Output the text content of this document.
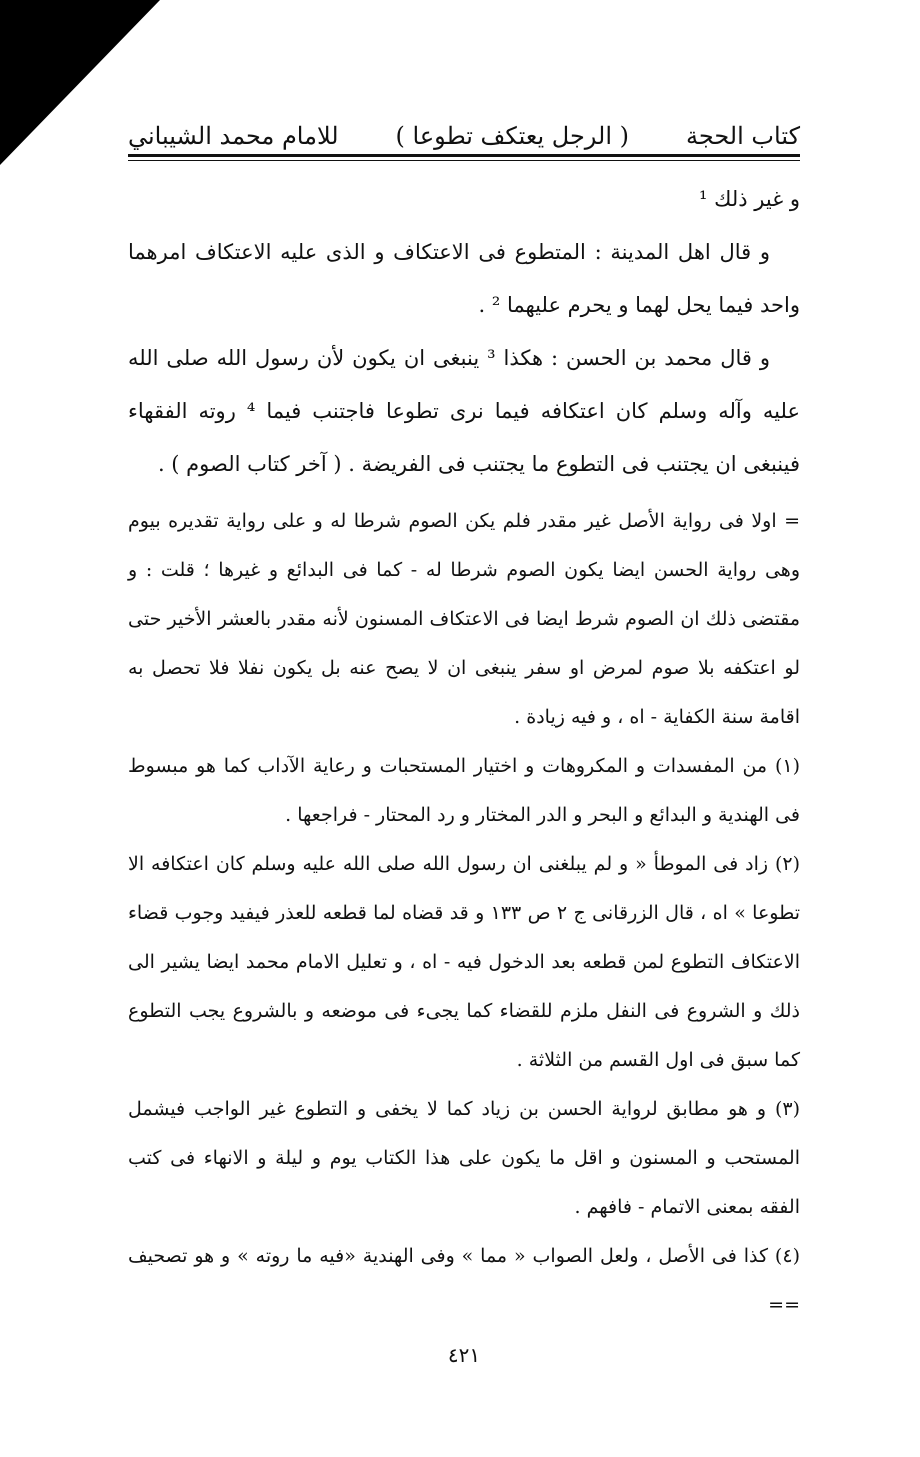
للامام محمد الشيباني ( الرجل يعتكف تطوعا ) كتاب الحجة

و غير ذلك ¹

و قال اهل المدينة : المتطوع فى الاعتكاف و الذى عليه الاعتكاف امرهما واحد فيما يحل لهما و يحرم عليهما ² .

و قال محمد بن الحسن : هكذا ³ ينبغى ان يكون لأن رسول الله صلى الله عليه وآله وسلم كان اعتكافه فيما نرى تطوعا فاجتنب فيما ⁴ روته الفقهاء فينبغى ان يجتنب فى التطوع ما يجتنب فى الفريضة . ( آخر كتاب الصوم ) .

= اولا فى رواية الأصل غير مقدر فلم يكن الصوم شرطا له و على رواية تقديره بيوم وهى رواية الحسن ايضا يكون الصوم شرطا له - كما فى البدائع و غيرها ؛ قلت : و مقتضى ذلك ان الصوم شرط ايضا فى الاعتكاف المسنون لأنه مقدر بالعشر الأخير حتى لو اعتكفه بلا صوم لمرض او سفر ينبغى ان لا يصح عنه بل يكون نفلا فلا تحصل به اقامة سنة الكفاية - اه ، و فيه زيادة .

(١) من المفسدات و المكروهات و اختيار المستحبات و رعاية الآداب كما هو مبسوط فى الهندية و البدائع و البحر و الدر المختار و رد المحتار - فراجعها .

(٢) زاد فى الموطأ « و لم يبلغنى ان رسول الله صلى الله عليه وسلم كان اعتكافه الا تطوعا » اه ، قال الزرقانى ج ٢ ص ١٣٣ و قد قضاه لما قطعه للعذر فيفيد وجوب قضاء الاعتكاف التطوع لمن قطعه بعد الدخول فيه - اه ، و تعليل الامام محمد ايضا يشير الى ذلك و الشروع فى النفل ملزم للقضاء كما يجىء فى موضعه و بالشروع يجب التطوع كما سبق فى اول القسم من الثلاثة .

(٣) و هو مطابق لرواية الحسن بن زياد كما لا يخفى و التطوع غير الواجب فيشمل المستحب و المسنون و اقل ما يكون على هذا الكتاب يوم و ليلة و الانهاء فى كتب الفقه بمعنى الاتمام - فافهم .

(٤) كذا فى الأصل ، ولعل الصواب « مما » وفى الهندية «فيه ما روته » و هو تصحيف ==

٤٢١
